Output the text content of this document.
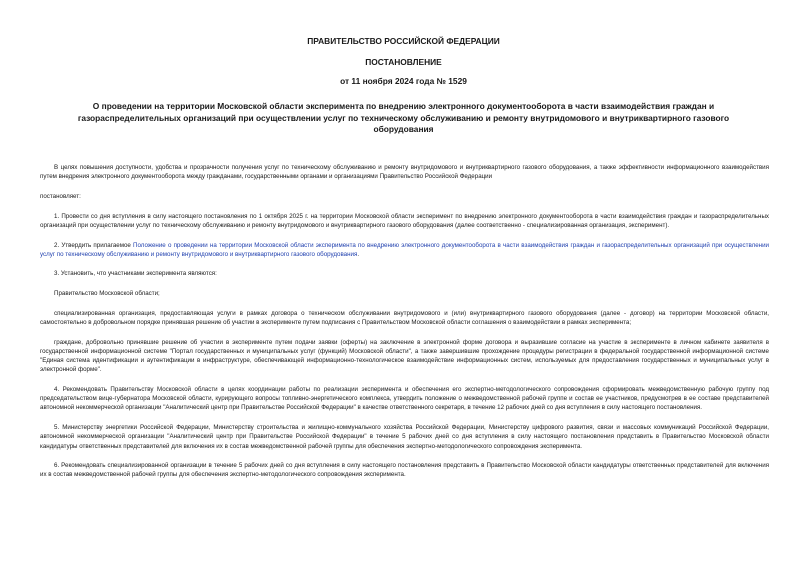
ПРАВИТЕЛЬСТВО РОССИЙСКОЙ ФЕДЕРАЦИИ

ПОСТАНОВЛЕНИЕ

от 11 ноября 2024 года № 1529

О проведении на территории Московской области эксперимента по внедрению электронного документооборота в части взаимодействия граждан и газораспределительных организаций при осуществлении услуг по техническому обслуживанию и ремонту внутридомового и внутриквартирного газового оборудования

В целях повышения доступности, удобства и прозрачности получения услуг по техническому обслуживанию и ремонту внутридомового и внутриквартирного газового оборудования, а также эффективности информационного взаимодействия путем внедрения электронного документооборота между гражданами, государственными органами и организациями Правительство Российской Федерации

постановляет:

1. Провести со дня вступления в силу настоящего постановления по 1 октября 2025 г. на территории Московской области эксперимент по внедрению электронного документооборота в части взаимодействия граждан и газораспределительных организаций при осуществлении услуг по техническому обслуживанию и ремонту внутридомового и внутриквартирного газового оборудования (далее соответственно - специализированная организация, эксперимент).

2. Утвердить прилагаемое Положение о проведении на территории Московской области эксперимента по внедрению электронного документооборота в части взаимодействия граждан и газораспределительных организаций при осуществлении услуг по техническому обслуживанию и ремонту внутридомового и внутриквартирного газового оборудования.

3. Установить, что участниками эксперимента являются:

Правительство Московской области;

специализированная организация, предоставляющая услуги в рамках договора о техническом обслуживании внутридомового и (или) внутриквартирного газового оборудования (далее - договор) на территории Московской области, самостоятельно в добровольном порядке принявшая решение об участии в эксперименте путем подписания с Правительством Московской области соглашения о взаимодействии в рамках эксперимента;

граждане, добровольно принявшие решение об участии в эксперименте путем подачи заявки (оферты) на заключение в электронной форме договора и выразившие согласие на участие в эксперименте в личном кабинете заявителя в государственной информационной системе "Портал государственных и муниципальных услуг (функций) Московской области", а также завершившие прохождение процедуры регистрации в федеральной государственной информационной системе "Единая система идентификации и аутентификации в инфраструктуре, обеспечивающей информационно-технологическое взаимодействие информационных систем, используемых для предоставления государственных и муниципальных услуг в электронной форме".

4. Рекомендовать Правительству Московской области в целях координации работы по реализации эксперимента и обеспечения его экспертно-методологического сопровождения сформировать межведомственную рабочую группу под председательством вице-губернатора Московской области, курирующего вопросы топливно-энергетического комплекса, утвердить положение о межведомственной рабочей группе и состав ее участников, предусмотрев в ее составе представителей автономной некоммерческой организации "Аналитический центр при Правительстве Российской Федерации" в качестве ответственного секретаря, в течение 12 рабочих дней со дня вступления в силу настоящего постановления.

5. Министерству энергетики Российской Федерации, Министерству строительства и жилищно-коммунального хозяйства Российской Федерации, Министерству цифрового развития, связи и массовых коммуникаций Российской Федерации, автономной некоммерческой организации "Аналитический центр при Правительстве Российской Федерации" в течение 5 рабочих дней со дня вступления в силу настоящего постановления представить в Правительство Московской области кандидатуры ответственных представителей для включения их в состав межведомственной рабочей группы для обеспечения экспертно-методологического сопровождения эксперимента.

6. Рекомендовать специализированной организации в течение 5 рабочих дней со дня вступления в силу настоящего постановления представить в Правительство Московской области кандидатуры ответственных представителей для включения их в состав межведомственной рабочей группы для обеспечения экспертно-методологического сопровождения эксперимента.
